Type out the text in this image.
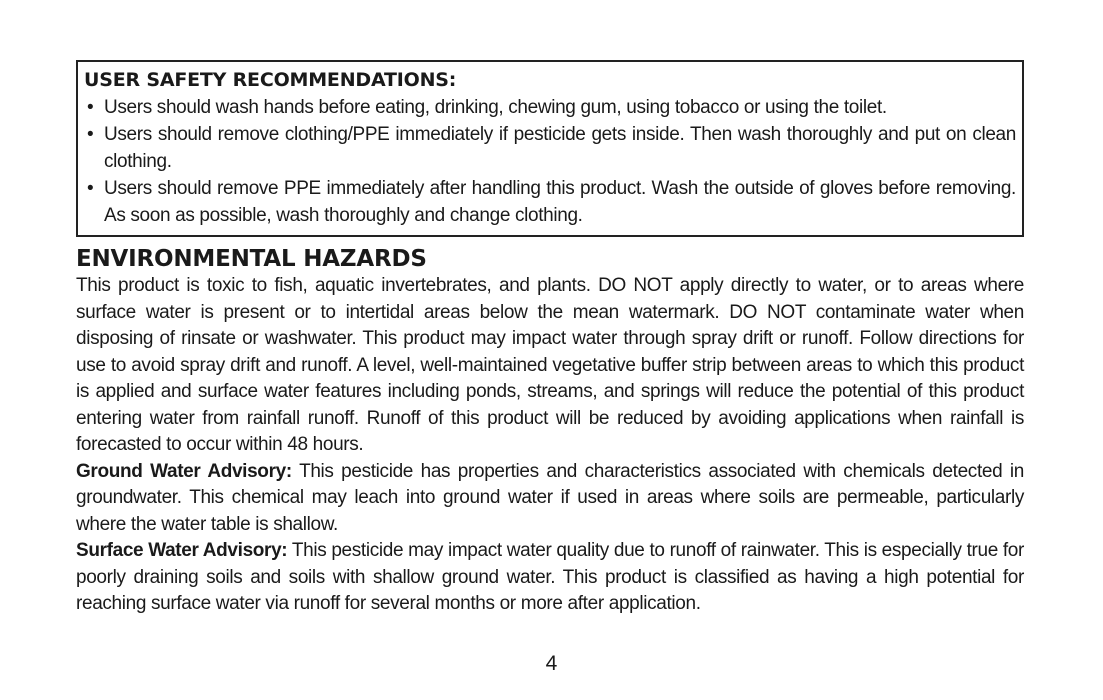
USER SAFETY RECOMMENDATIONS:
• Users should wash hands before eating, drinking, chewing gum, using tobacco or using the toilet.
• Users should remove clothing/PPE immediately if pesticide gets inside. Then wash thoroughly and put on clean clothing.
• Users should remove PPE immediately after handling this product. Wash the outside of gloves before removing. As soon as possible, wash thoroughly and change clothing.
ENVIRONMENTAL HAZARDS

This product is toxic to fish, aquatic invertebrates, and plants. DO NOT apply directly to water, or to areas where surface water is present or to intertidal areas below the mean watermark. DO NOT contaminate water when disposing of rinsate or washwater. This product may impact water through spray drift or runoff. Follow directions for use to avoid spray drift and runoff. A level, well-maintained vegetative buffer strip between areas to which this product is applied and surface water features including ponds, streams, and springs will reduce the potential of this product entering water from rainfall runoff. Runoff of this product will be reduced by avoiding applications when rainfall is forecasted to occur within 48 hours.

Ground Water Advisory: This pesticide has properties and characteristics associated with chemicals detected in groundwater. This chemical may leach into ground water if used in areas where soils are permeable, particularly where the water table is shallow.

Surface Water Advisory: This pesticide may impact water quality due to runoff of rainwater. This is especially true for poorly draining soils and soils with shallow ground water. This product is classified as having a high potential for reaching surface water via runoff for several months or more after application.

4
